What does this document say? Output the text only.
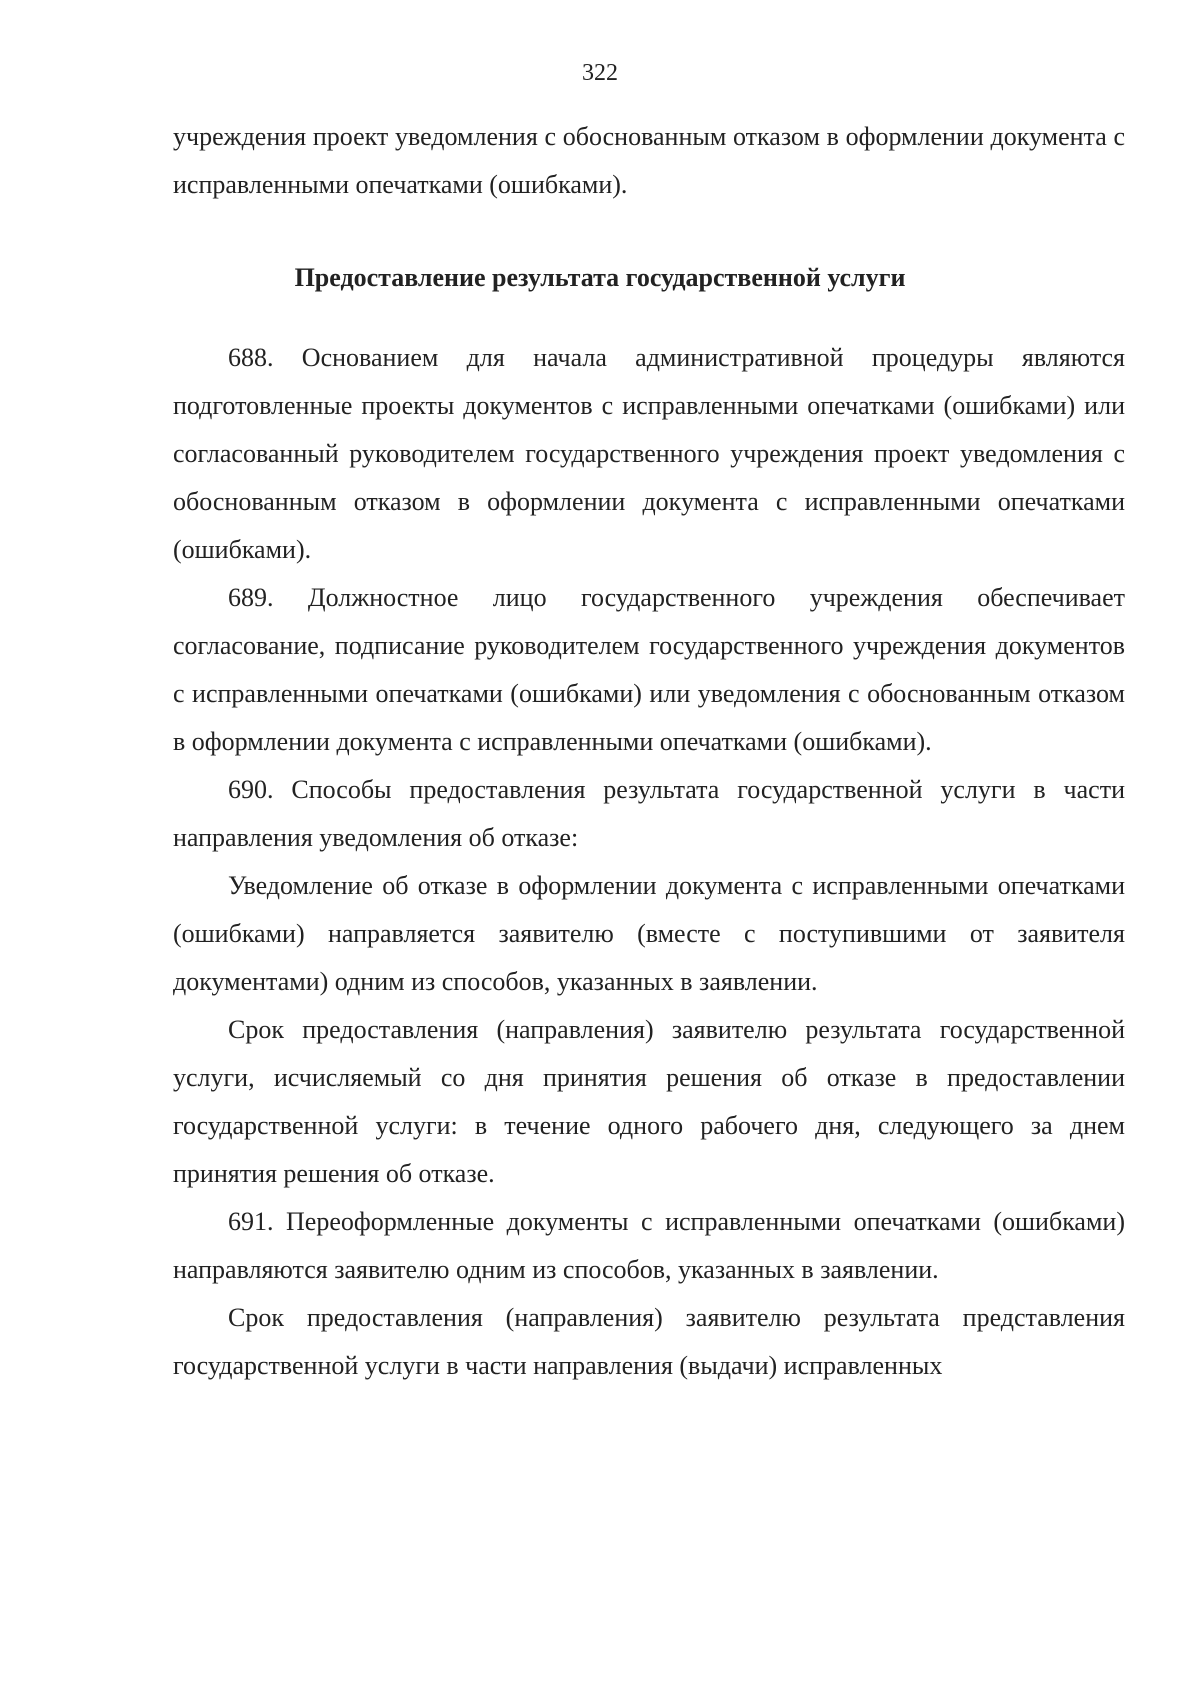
322
учреждения проект уведомления с обоснованным отказом в оформлении документа с исправленными опечатками (ошибками).
Предоставление результата государственной услуги

688. Основанием для начала административной процедуры являются подготовленные проекты документов с исправленными опечатками (ошибками) или согласованный руководителем государственного учреждения проект уведомления с обоснованным отказом в оформлении документа с исправленными опечатками (ошибками).

689. Должностное лицо государственного учреждения обеспечивает согласование, подписание руководителем государственного учреждения документов с исправленными опечатками (ошибками) или уведомления с обоснованным отказом в оформлении документа с исправленными опечатками (ошибками).

690. Способы предоставления результата государственной услуги в части направления уведомления об отказе:

Уведомление об отказе в оформлении документа с исправленными опечатками (ошибками) направляется заявителю (вместе с поступившими от заявителя документами) одним из способов, указанных в заявлении.

Срок предоставления (направления) заявителю результата государственной услуги, исчисляемый со дня принятия решения об отказе в предоставлении государственной услуги: в течение одного рабочего дня, следующего за днем принятия решения об отказе.

691. Переоформленные документы с исправленными опечатками (ошибками) направляются заявителю одним из способов, указанных в заявлении.

Срок предоставления (направления) заявителю результата представления государственной услуги в части направления (выдачи) исправленных
